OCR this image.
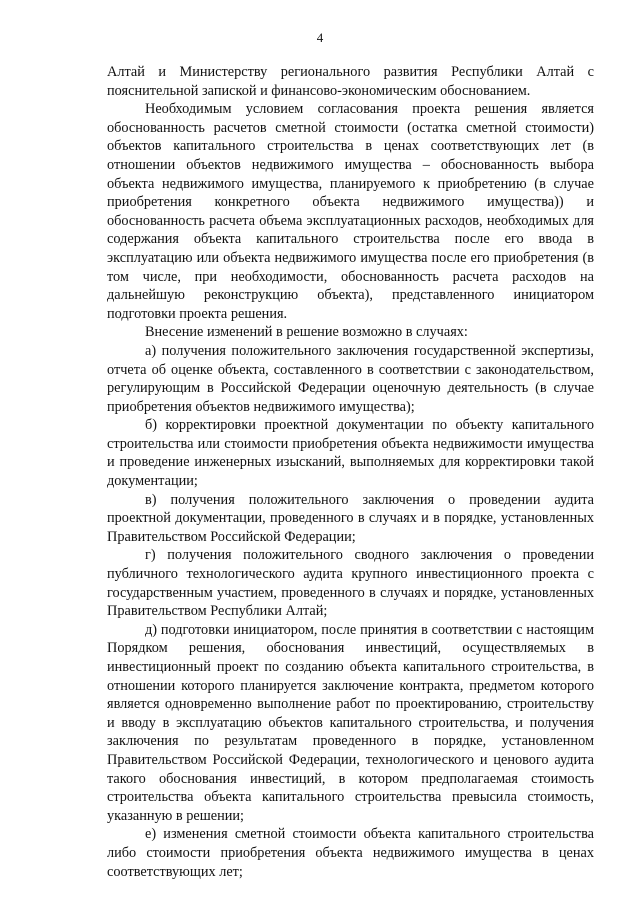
4

Алтай и Министерству регионального развития Республики Алтай с пояснительной запиской и финансово-экономическим обоснованием.

Необходимым условием согласования проекта решения является обоснованность расчетов сметной стоимости (остатка сметной стоимости) объектов капитального строительства в ценах соответствующих лет (в отношении объектов недвижимого имущества – обоснованность выбора объекта недвижимого имущества, планируемого к приобретению (в случае приобретения конкретного объекта недвижимого имущества)) и обоснованность расчета объема эксплуатационных расходов, необходимых для содержания объекта капитального строительства после его ввода в эксплуатацию или объекта недвижимого имущества после его приобретения (в том числе, при необходимости, обоснованность расчета расходов на дальнейшую реконструкцию объекта), представленного инициатором подготовки проекта решения.

Внесение изменений в решение возможно в случаях:

а) получения положительного заключения государственной экспертизы, отчета об оценке объекта, составленного в соответствии с законодательством, регулирующим в Российской Федерации оценочную деятельность (в случае приобретения объектов недвижимого имущества);

б) корректировки проектной документации по объекту капитального строительства или стоимости приобретения объекта недвижимости имущества и проведение инженерных изысканий, выполняемых для корректировки такой документации;

в) получения положительного заключения о проведении аудита проектной документации, проведенного в случаях и в порядке, установленных Правительством Российской Федерации;

г) получения положительного сводного заключения о проведении публичного технологического аудита крупного инвестиционного проекта с государственным участием, проведенного в случаях и порядке, установленных Правительством Республики Алтай;

д) подготовки инициатором, после принятия в соответствии с настоящим Порядком решения, обоснования инвестиций, осуществляемых в инвестиционный проект по созданию объекта капитального строительства, в отношении которого планируется заключение контракта, предметом которого является одновременно выполнение работ по проектированию, строительству и вводу в эксплуатацию объектов капитального строительства, и получения заключения по результатам проведенного в порядке, установленном Правительством Российской Федерации, технологического и ценового аудита такого обоснования инвестиций, в котором предполагаемая стоимость строительства объекта капитального строительства превысила стоимость, указанную в решении;

е) изменения сметной стоимости объекта капитального строительства либо стоимости приобретения объекта недвижимого имущества в ценах соответствующих лет;
